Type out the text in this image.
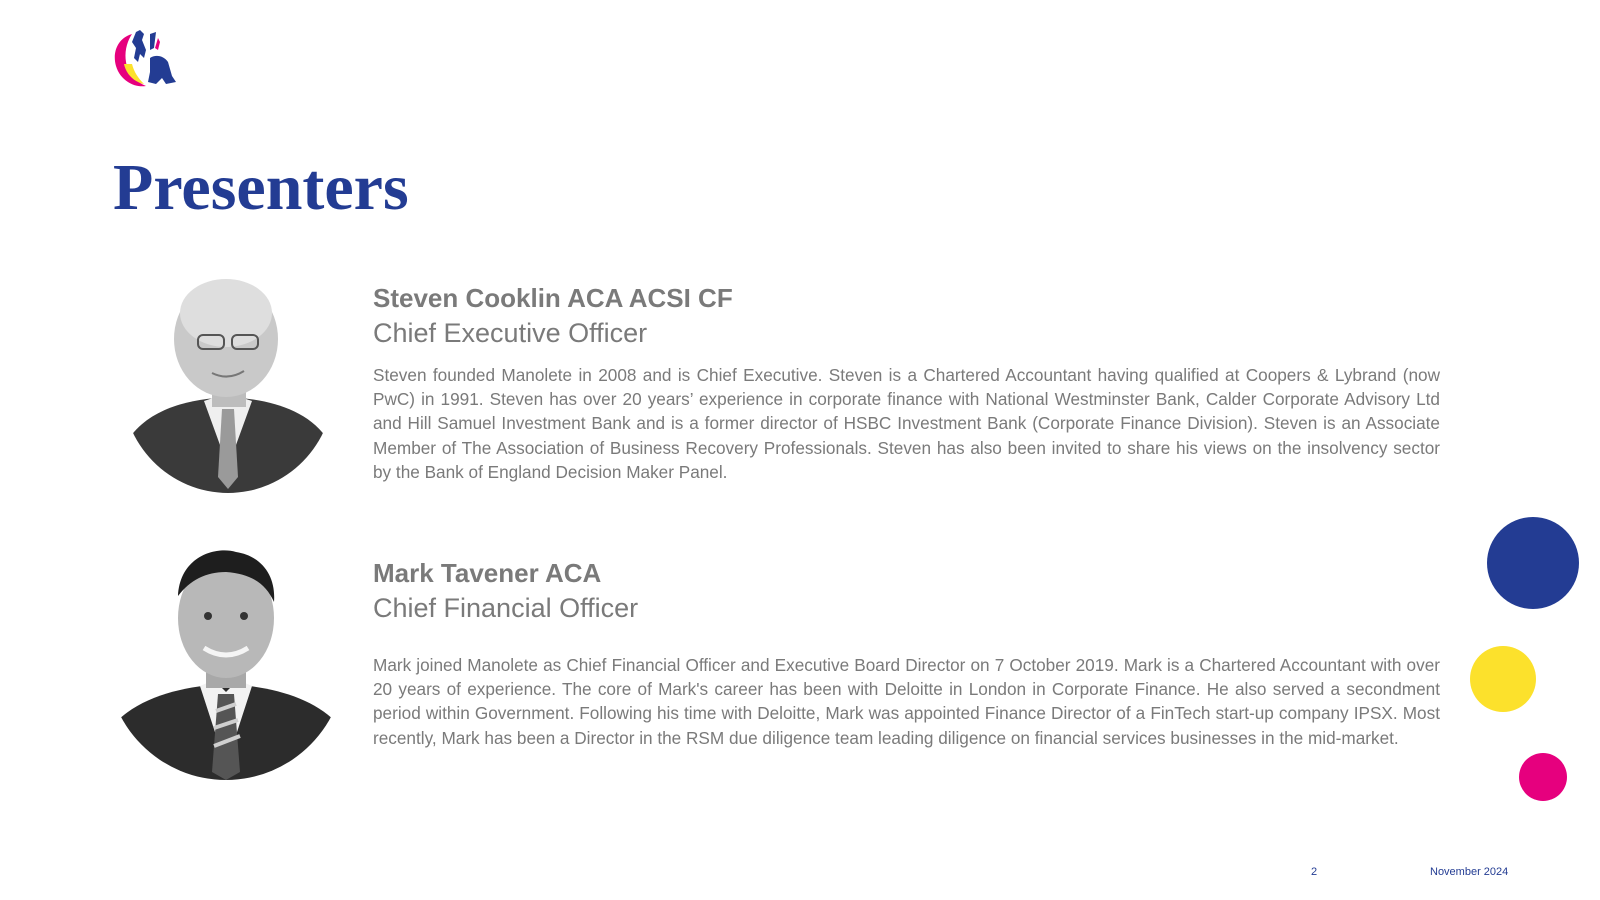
Presenters

Steven Cooklin ACA ACSI CF

Chief Executive Officer

Steven founded Manolete in 2008 and is Chief Executive. Steven is a Chartered Accountant having qualified at Coopers & Lybrand (now PwC) in 1991. Steven has over 20 years’ experience in corporate finance with National Westminster Bank, Calder Corporate Advisory Ltd and Hill Samuel Investment Bank and is a former director of HSBC Investment Bank (Corporate Finance Division). Steven is an Associate Member of The Association of Business Recovery Professionals. Steven has also been invited to share his views on the insolvency sector by the Bank of England Decision Maker Panel.

Mark Tavener ACA

Chief Financial Officer

Mark joined Manolete as Chief Financial Officer and Executive Board Director on 7 October 2019. Mark is a Chartered Accountant with over 20 years of experience. The core of Mark's career has been with Deloitte in London in Corporate Finance. He also served a secondment period within Government. Following his time with Deloitte, Mark was appointed Finance Director of a FinTech start-up company IPSX. Most recently, Mark has been a Director in the RSM due diligence team leading diligence on financial services businesses in the mid-market.

2	November 2024
